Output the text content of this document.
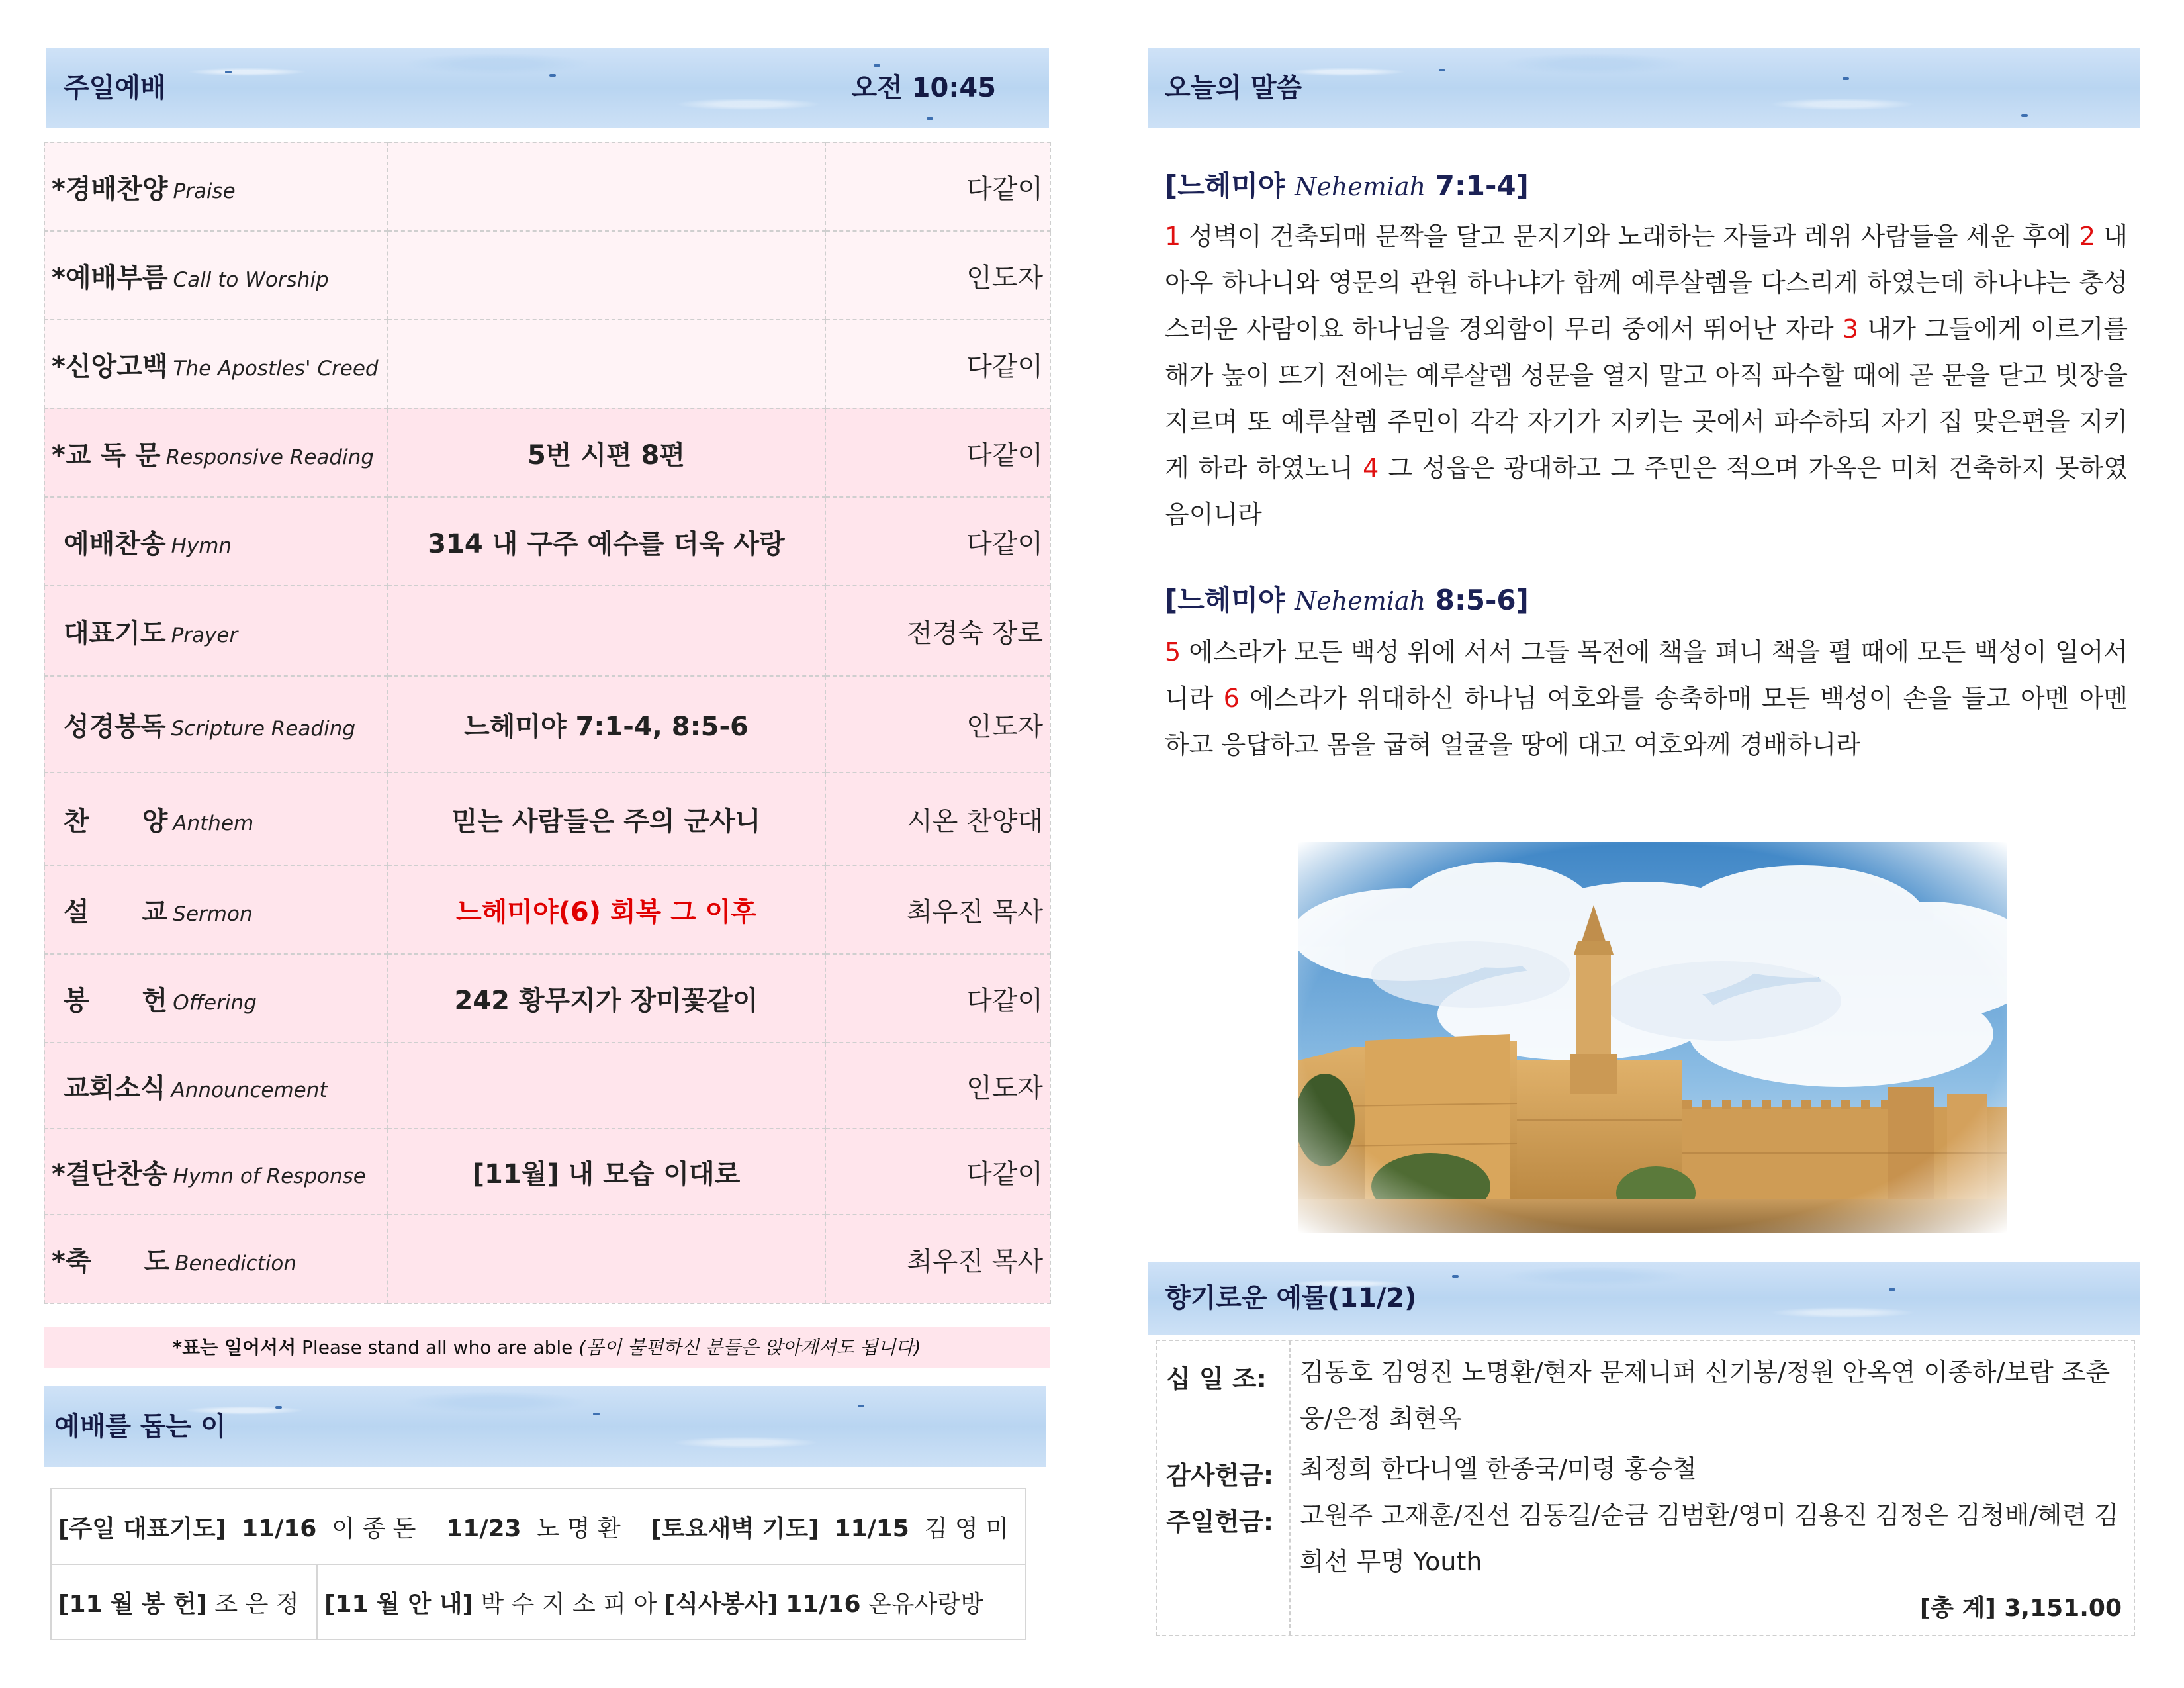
주일예배	오전 10:45
*경배찬양 Praise		다같이
*예배부름 Call to Worship		인도자
*신앙고백 The Apostles' Creed		다같이
*교 독 문 Responsive Reading	5번 시편 8편	다같이
예배찬송 Hymn	314 내 구주 예수를 더욱 사랑	다같이
대표기도 Prayer		전경숙 장로
성경봉독 Scripture Reading	느헤미야 7:1-4, 8:5-6	인도자
찬　　양 Anthem	믿는 사람들은 주의 군사니	시온 찬양대
설　　교 Sermon	느헤미야(6) 회복 그 이후	최우진 목사
봉　　헌 Offering	242 황무지가 장미꽃같이	다같이
교회소식 Announcement		인도자
*결단찬송 Hymn of Response	[11월] 내 모습 이대로	다같이
*축　　도 Benediction		최우진 목사
*표는 일어서서 Please stand all who are able (몸이 불편하신 분들은 앉아계셔도 됩니다)
예배를 돕는 이
[주일 대표기도] 11/16 이 종 돈 11/23 노 명 환 [토요새벽 기도] 11/15 김 영 미
[11 월 봉 헌] 조 은 정	[11 월 안 내] 박 수 지 소 피 아 [식사봉사] 11/16 온유사랑방
오늘의 말씀
[느헤미야 Nehemiah 7:1-4]
1 성벽이 건축되매 문짝을 달고 문지기와 노래하는 자들과 레위 사람들을 세운 후에 2 내 아우 하나니와 영문의 관원 하나냐가 함께 예루살렘을 다스리게 하였는데 하나냐는 충성스러운 사람이요 하나님을 경외함이 무리 중에서 뛰어난 자라 3 내가 그들에게 이르기를 해가 높이 뜨기 전에는 예루살렘 성문을 열지 말고 아직 파수할 때에 곧 문을 닫고 빗장을 지르며 또 예루살렘 주민이 각각 자기가 지키는 곳에서 파수하되 자기 집 맞은편을 지키게 하라 하였노니 4 그 성읍은 광대하고 그 주민은 적으며 가옥은 미처 건축하지 못하였음이니라
[느헤미야 Nehemiah 8:5-6]
5 에스라가 모든 백성 위에 서서 그들 목전에 책을 펴니 책을 펼 때에 모든 백성이 일어서니라 6 에스라가 위대하신 하나님 여호와를 송축하매 모든 백성이 손을 들고 아멘 아멘 하고 응답하고 몸을 굽혀 얼굴을 땅에 대고 여호와께 경배하니라
향기로운 예물(11/2)
십 일 조:	김동호 김영진 노명환/현자 문제니퍼 신기봉/정원 안옥연 이종하/보람 조춘웅/은정 최현옥
감사헌금:	최정희 한다니엘 한종국/미령 홍승철
주일헌금:	고원주 고재훈/진선 김동길/순금 김범환/영미 김용진 김정은 김청배/혜련 김희선 무명 Youth
[총 계] 3,151.00
